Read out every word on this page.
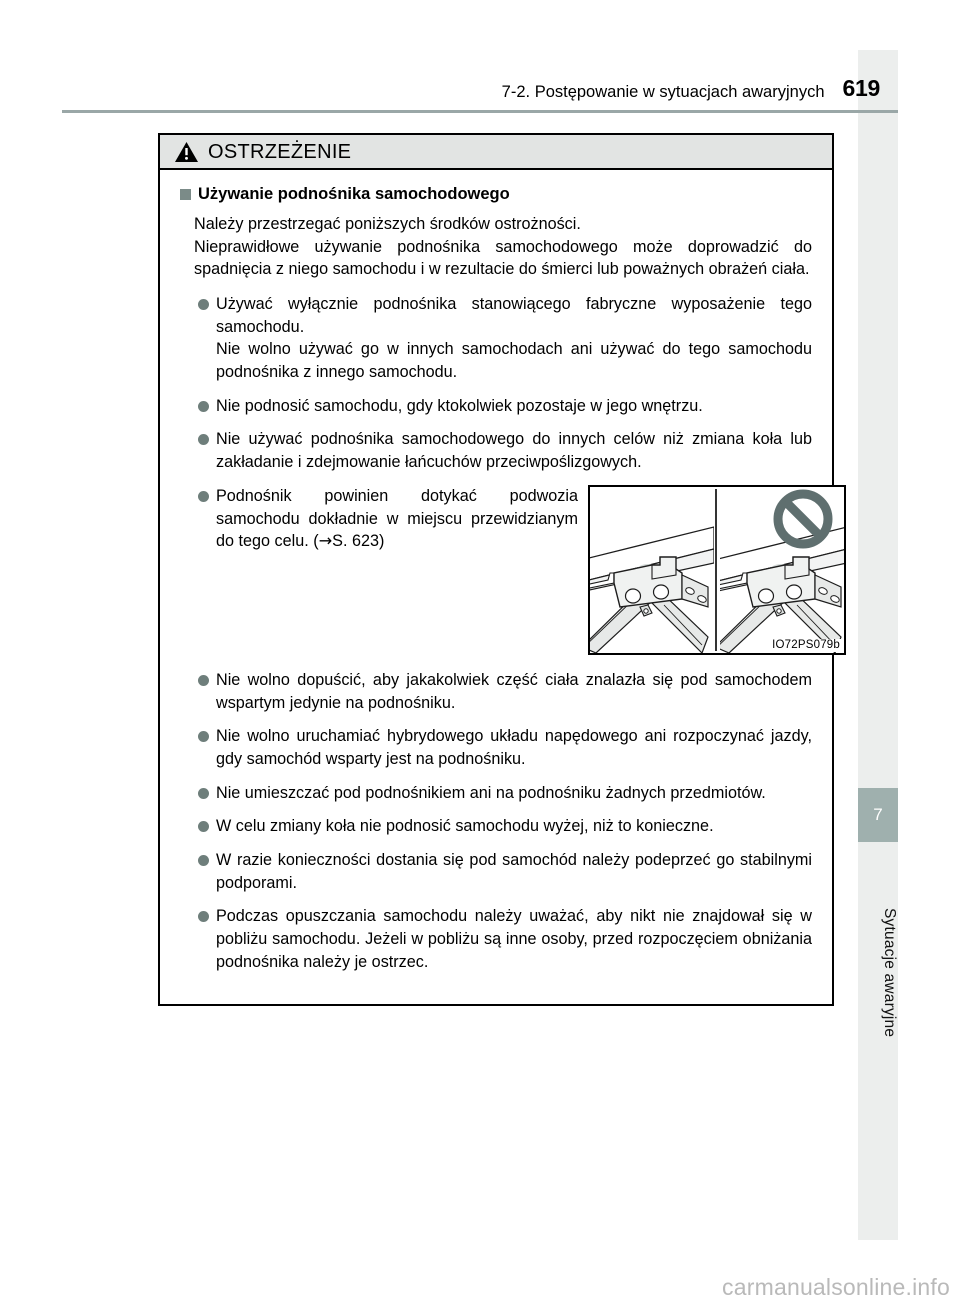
7
Sytuacje awaryjne
7-2. Postępowanie w sytuacjach awaryjnych 619
OSTRZEŻENIE
Używanie podnośnika samochodowego
Należy przestrzegać poniższych środków ostrożności.
Nieprawidłowe używanie podnośnika samochodowego może doprowadzić do spadnięcia z niego samochodu i w rezultacie do śmierci lub poważnych obrażeń ciała.
Używać wyłącznie podnośnika stanowiącego fabryczne wyposażenie tego samochodu.
Nie wolno używać go w innych samochodach ani używać do tego samochodu podnośnika z innego samochodu.
Nie podnosić samochodu, gdy ktokolwiek pozostaje w jego wnętrzu.
Nie używać podnośnika samochodowego do innych celów niż zmiana koła lub zakładanie i zdejmowanie łańcuchów przeciwpoślizgowych.
Podnośnik powinien dotykać podwozia samochodu dokładnie w miejscu przewidzianym do tego celu. (→S. 623)
IO72PS079b
Nie wolno dopuścić, aby jakakolwiek część ciała znalazła się pod samochodem wspartym jedynie na podnośniku.
Nie wolno uruchamiać hybrydowego układu napędowego ani rozpoczynać jazdy, gdy samochód wsparty jest na podnośniku.
Nie umieszczać pod podnośnikiem ani na podnośniku żadnych przedmiotów.
W celu zmiany koła nie podnosić samochodu wyżej, niż to konieczne.
W razie konieczności dostania się pod samochód należy podeprzeć go stabilnymi podporami.
Podczas opuszczania samochodu należy uważać, aby nikt nie znajdował się w pobliżu samochodu. Jeżeli w pobliżu są inne osoby, przed rozpoczęciem obniżania podnośnika należy je ostrzec.
carmanualsonline.info
